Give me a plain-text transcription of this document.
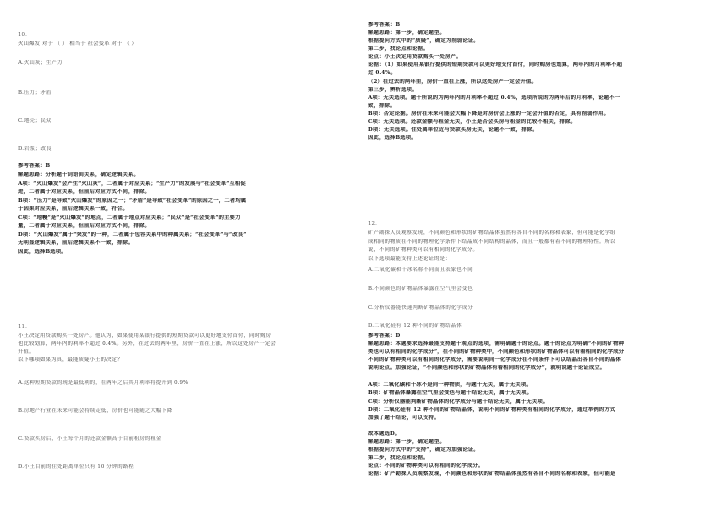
10.
火山爆发 对于 （ ） 相当于 社会变革 对于 （ ）
A.火山灰；生产力
B.压力；矛盾
C.地壳；民众
D.岩浆；改良
参考答案：B
解题思路：分析题干词语间关系，确定逻辑关系。
A项：“火山爆发”会产生“火山灰”，二者属于对应关系；“生产力”的发展与“社会变革”互相促
进，二者属于对应关系，但前后对应方式不同，排除。
B项：“压力”是导致“火山爆发”的原因之一；“矛盾”是导致“社会变革”的原因之一，二者均属
于因果对应关系，前后逻辑关系一致，符合。
C项：“地幔”是“火山爆发”的地点，二者属于地点对应关系；“民众”是“社会变革”的主要力
量，二者属于对应关系，但前后对应方式不同，排除。
D项：“火山爆发”属于“突发”的一种，二者属于包容关系中的种属关系；“社会变革”与“改良”
无明显逻辑关系，前后逻辑关系不一致，排除。
因此，选择B选项。
11.
小王决定用贷款购买一处房产。他认为，如果使用某银行提供的短期贷款可以更好地支付首付，同时购房
也比较划算，两年内的利率不超过 0.4%。另外，在过去的两年里，房价一直在上涨，所以这处房产一定会
升值。
以下哪项如果为真，最能质疑小王的决定？
A.这种短期贷款的现是最低利的，在两年之后其月利率将提升到 0.9%
B.房地产行业在未来可能会持续走低，房价也可能随之大幅下降
C.贷款买房后，小王每个月的还款金额高于目前租房的租金
D.小王目前的住处距离单位只有 10 分钟的路程
参考答案：B
解题思路：第一步，确定题型。
根据提问方式中的“质疑”，确定为削弱论证。
第二步，找论点和论据。
论点：小王决定用贷款购买一处房产。
论据：（1）如果使用某银行提供的短期贷款可以更好地支付首付，同时购房也划算，两年内的月利率不超
过 0.4%。
（2）在过去的两年里，房价一直在上涨，所以这处房产一定会升值。
第三步，辨析选项。
A项：无关选项。题干所说的为两年内的月利率不超过 0.4%，选项所说的为两年后的月利率，论题不一
致，排除。
B项：否定论据。房价在未来可能会大幅下降是对房价会上涨的一定会升值的否定，具有削弱作用。
C项：无关选项。还款金额与租金无关，小王是否会买房与租金的比较不相关，排除。
D项：无关选项。住处离单位近与贷款买房无关，论题不一致，排除。
因此，选择B选项。
12.
矿产勘探人员观察发现，不同颜色和形状的矿物结晶体虽然有各自不同的名称和表象，但可能是化学组
成相同的物质在不同的物理化学条件下结晶成不同结构的晶体，而且一般都有着不同的物理特性。所以
说，不同的矿物种类可以有相同的化学成分。
以下选项最能支持上述论证的是：
A.二氧化碳和干冰名称不同而且表象也不同
B.不同颜色的矿物晶体暴露在空气里会变色
C.分析仪器能快速判断矿物晶体的化学成分
D.二氧化硅有 12 种不同的矿物结晶体
参考答案：D
解题思路：本题要求选择最能支持题干观点的选项，需明确题干的论点。题干的论点为明确“不同的矿物种
类也可以有相同的化学成分”，在不同的矿物种类中，不同颜色和形状的矿物晶体可以有着相同的化学成分
不同的矿物种类可以有相同的化学成分，需要说明同一化学成分在不同条件下可以结晶出各自不同的晶体
说明论点。加强论证，“不同颜色和形状的矿物晶体有着相同的化学成分”，就明说题干论证成立。
A项：二氧化碳和干冰不是同一种物质，与题干无关，属于无关项。
B项：矿物晶体暴露在空气里会变色与题干结论无关，属于无关项。
C项：分析仪器能判断矿物晶体的化学成分与题干结论无关，属于无关项。
D项：二氧化硅有 12 种不同的矿物结晶体，说明不同的矿物种类有相同的化学成分，通过举例的方式
加强了题干结论，可以支持。
故本题选D。
解题思路：第一步，确定题型。
根据提问方式中的“支持”，确定为加强论证。
第二步，找论点和论据。
论点：不同的矿物种类可以有相同的化学成分。
论据：矿产勘探人员观察发现，不同颜色和形状的矿物结晶体虽然有各自不同的名称和表象，但可能是
